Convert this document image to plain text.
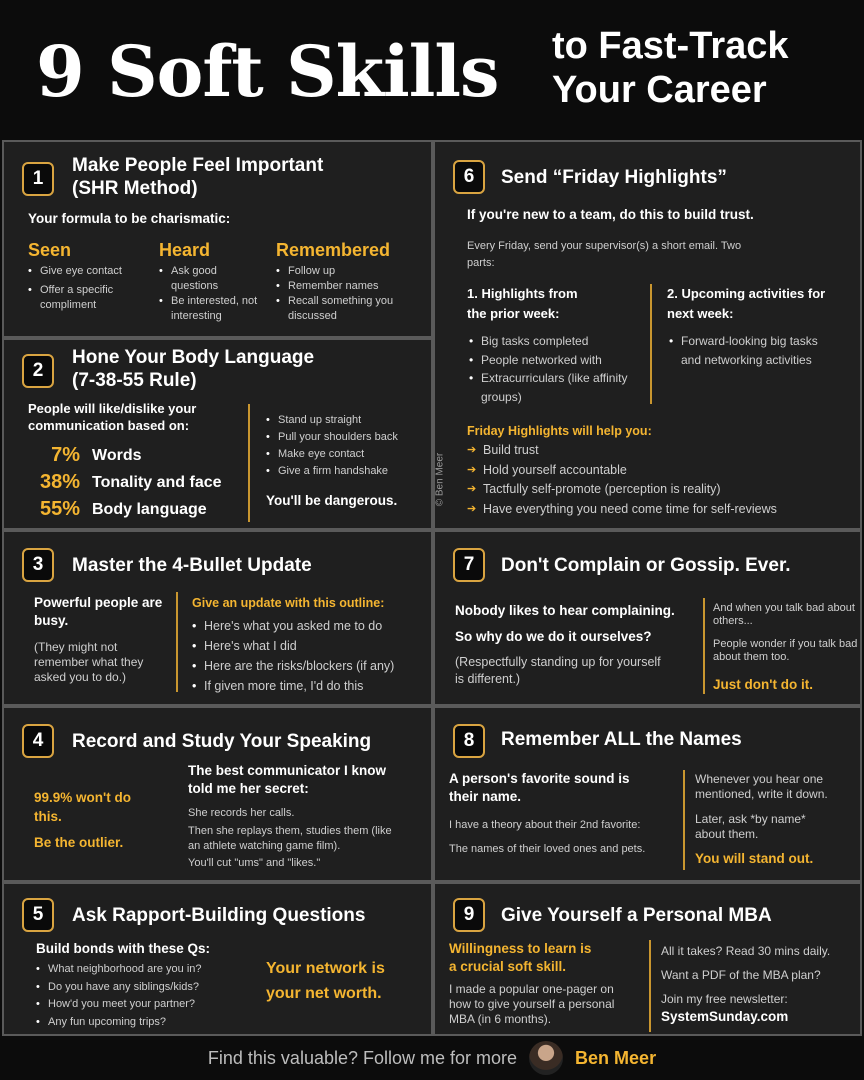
9 Soft Skills to Fast-Track
Your Career
1
Make People Feel Important
(SHR Method)
Your formula to be charismatic:
Seen
• Give eye contact
• Offer a specific compliment
Heard
• Ask good questions
• Be interested, not interesting
Remembered
• Follow up
• Remember names
• Recall something you discussed
2
Hone Your Body Language
(7-38-55 Rule)
People will like/dislike your communication based on:
7% Words
38% Tonality and face
55% Body language
• Stand up straight
• Pull your shoulders back
• Make eye contact
• Give a firm handshake
You'll be dangerous.
6	Send “Friday Highlights”
If you're new to a team, do this to build trust.
Every Friday, send your supervisor(s) a short email. Two parts:
1. Highlights from the prior week:
• Big tasks completed
• People networked with
• Extracurriculars (like affinity groups)
2. Upcoming activities for next week:
• Forward-looking big tasks and networking activities
Friday Highlights will help you:
➔ Build trust
➔ Hold yourself accountable
➔ Tactfully self-promote (perception is reality)
➔ Have everything you need come time for self-reviews
© Ben Meer
3	Master the 4-Bullet Update
Powerful people are busy.
(They might not remember what they asked you to do.)
Give an update with this outline:
• Here's what you asked me to do
• Here's what I did
• Here are the risks/blockers (if any)
• If given more time, I'd do this
7	Don't Complain or Gossip. Ever.
Nobody likes to hear complaining.
So why do we do it ourselves?
(Respectfully standing up for yourself is different.)
And when you talk bad about others...
People wonder if you talk bad about them too.
Just don't do it.
4	Record and Study Your Speaking
99.9% won't do this.
Be the outlier.
The best communicator I know told me her secret:
She records her calls.
Then she replays them, studies them (like an athlete watching game film).
You'll cut "ums" and "likes."
8	Remember ALL the Names
A person's favorite sound is their name.
I have a theory about their 2nd favorite:
The names of their loved ones and pets.
Whenever you hear one mentioned, write it down.
Later, ask *by name* about them.
You will stand out.
5	Ask Rapport-Building Questions
Build bonds with these Qs:
• What neighborhood are you in?
• Do you have any siblings/kids?
• How'd you meet your partner?
• Any fun upcoming trips?
Your network is your net worth.
9	Give Yourself a Personal MBA
Willingness to learn is a crucial soft skill.
I made a popular one-pager on how to give yourself a personal MBA (in 6 months).
All it takes? Read 30 mins daily.
Want a PDF of the MBA plan?
Join my free newsletter:
SystemSunday.com
Find this valuable? Follow me for more	Ben Meer
